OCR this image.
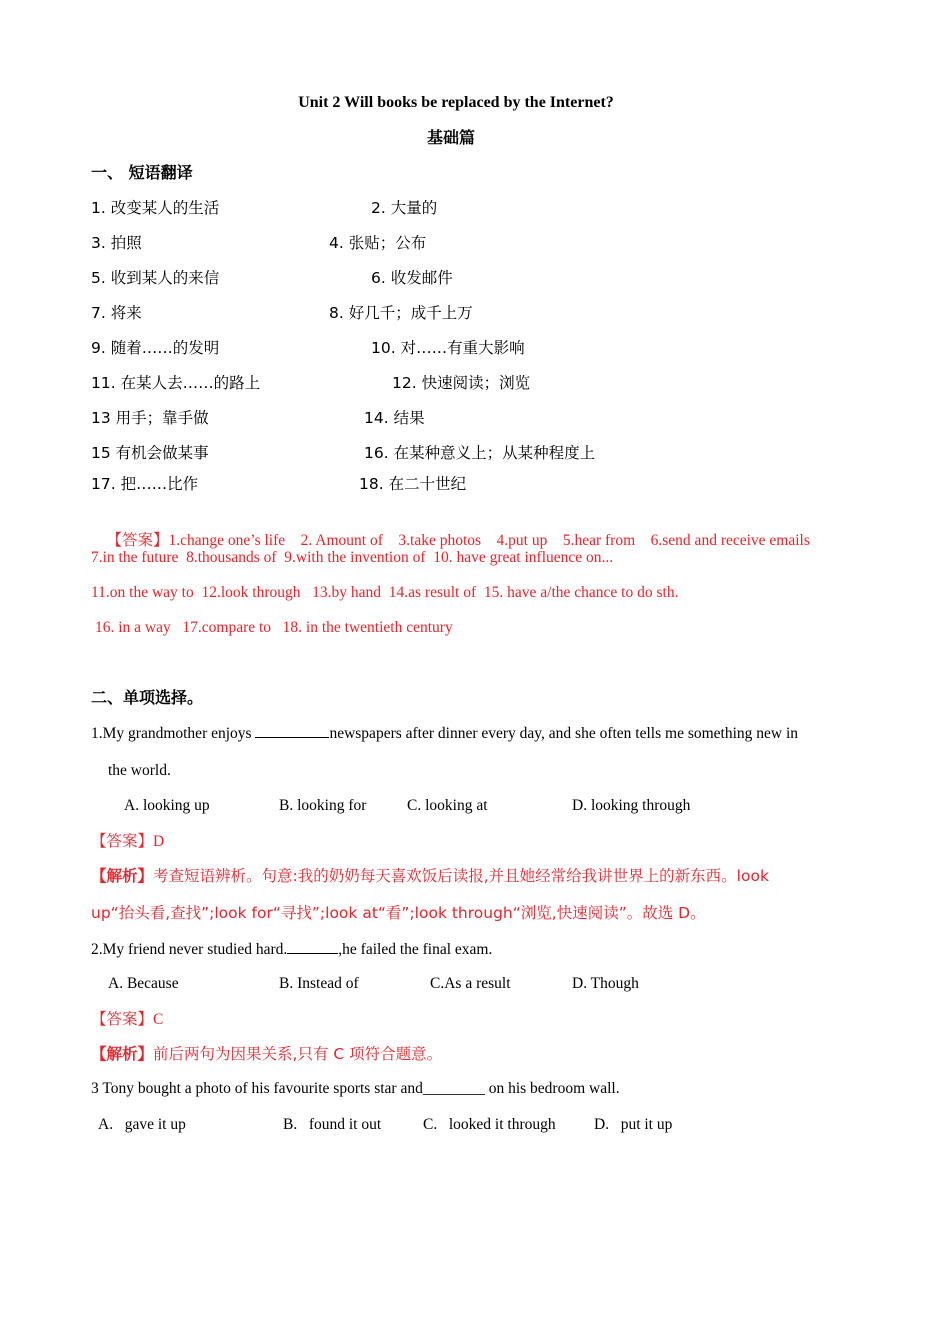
Unit 2 Will books be replaced by the Internet?
基础篇
一、 短语翻译
1. 改变某人的生活	2. 大量的
3. 拍照	4. 张贴；公布
5. 收到某人的来信	6. 收发邮件
7. 将来	8. 好几千；成千上万
9. 随着……的发明	10. 对……有重大影响
11. 在某人去……的路上	12. 快速阅读；浏览
13 用手；靠手做	14. 结果
15 有机会做某事	16. 在某种意义上；从某种程度上
17. 把……比作	18. 在二十世纪

【答案】1.change one’s life    2. Amount of    3.take photos    4.put up    5.hear from    6.send and receive emails

7.in the future  8.thousands of  9.with the invention of  10. have great influence on...
11.on the way to  12.look through   13.by hand  14.as result of  15. have a/the chance to do sth.
16. in a way   17.compare to   18. in the twentieth century
二、单项选择。
1.My grandmother enjoys	newspapers after dinner every day, and she often tells me something new in
the world.
A. looking up	B. looking for	C. looking at	D. looking through
【答案】D
【解析】考查短语辨析。句意:我的奶奶每天喜欢饭后读报,并且她经常给我讲世界上的新东西。look
up“抬头看,查找”;look for“寻找”;look at“看”;look through“浏览,快速阅读”。故选 D。
2.My friend never studied hard.	,he failed the final exam.
A. Because	B. Instead of	C.As a result	D. Though
【答案】C
【解析】前后两句为因果关系,只有 C 项符合题意。
3 Tony bought a photo of his favourite sports star and________ on his bedroom wall.
A.   gave it up	B.   found it out	C.   looked it through D.   put it up
